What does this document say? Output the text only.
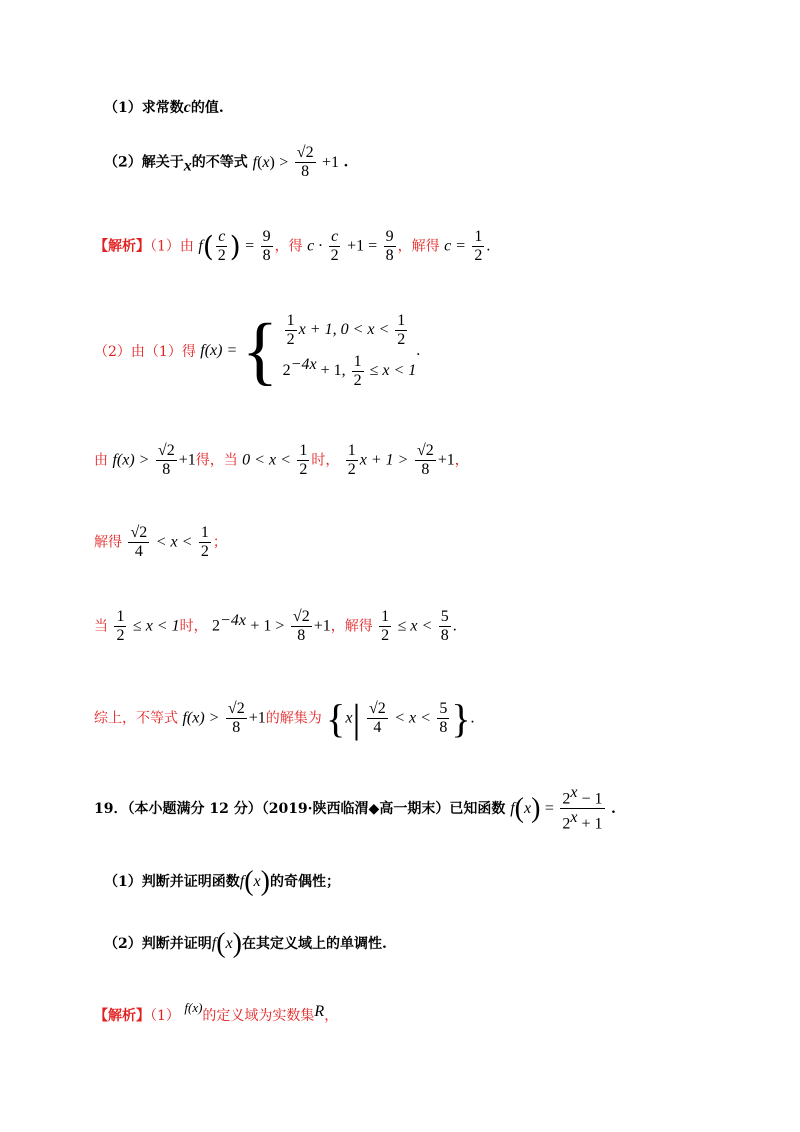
（1）求常数c的值.
（2）解关于x的不等式 $f(x) > \frac{√2}{8} +1$ .
【解析】（1）由 $f( \frac{c}{2}$ ) = $\frac{9}{8}$ ，得 $c \cdot \frac{c}{2} +1 = \frac{9}{8}$ ，解得 $c = \frac{1}{2}$ .
（2）由（1）得 f(x) = { $\frac{1}{2}$ x + 1, $0 < x < \frac{1}{2}$
$2^{-4x} + 1$, $\frac{1}{2} \le x < 1$
.
由 $f(x) > \frac{√2}{8} +1$得，当 $0 < x < \frac{1}{2}$ 时， $\frac{1}{2}$ $x + 1 > \frac{√2}{8} +1$，
解得 $\frac{√2}{4} < x < \frac{1}{2}$ ；
当 $\frac{1}{2} \le x < 1$时， $2^{-4x} + 1 > \frac{√2}{8} +1$，解得 $\frac{1}{2} \le x < \frac{5}{8}$ .
综上，不等式 $f(x) > \frac{√2}{8} +1$的解集为 {$x| \frac{√2}{4} < x < \frac{5}{8}$ }.
19．（本小题满分 12 分）（2019·陕西临渭◆高一期末）已知函数 $f(x) = \frac{2^x - 1}{2^x + 1}$ .
（1）判断并证明函数f(x)的奇偶性；
（2）判断并证明f(x)在其定义域上的单调性.
【解析】（1） f(x)的定义域为实数集R，
